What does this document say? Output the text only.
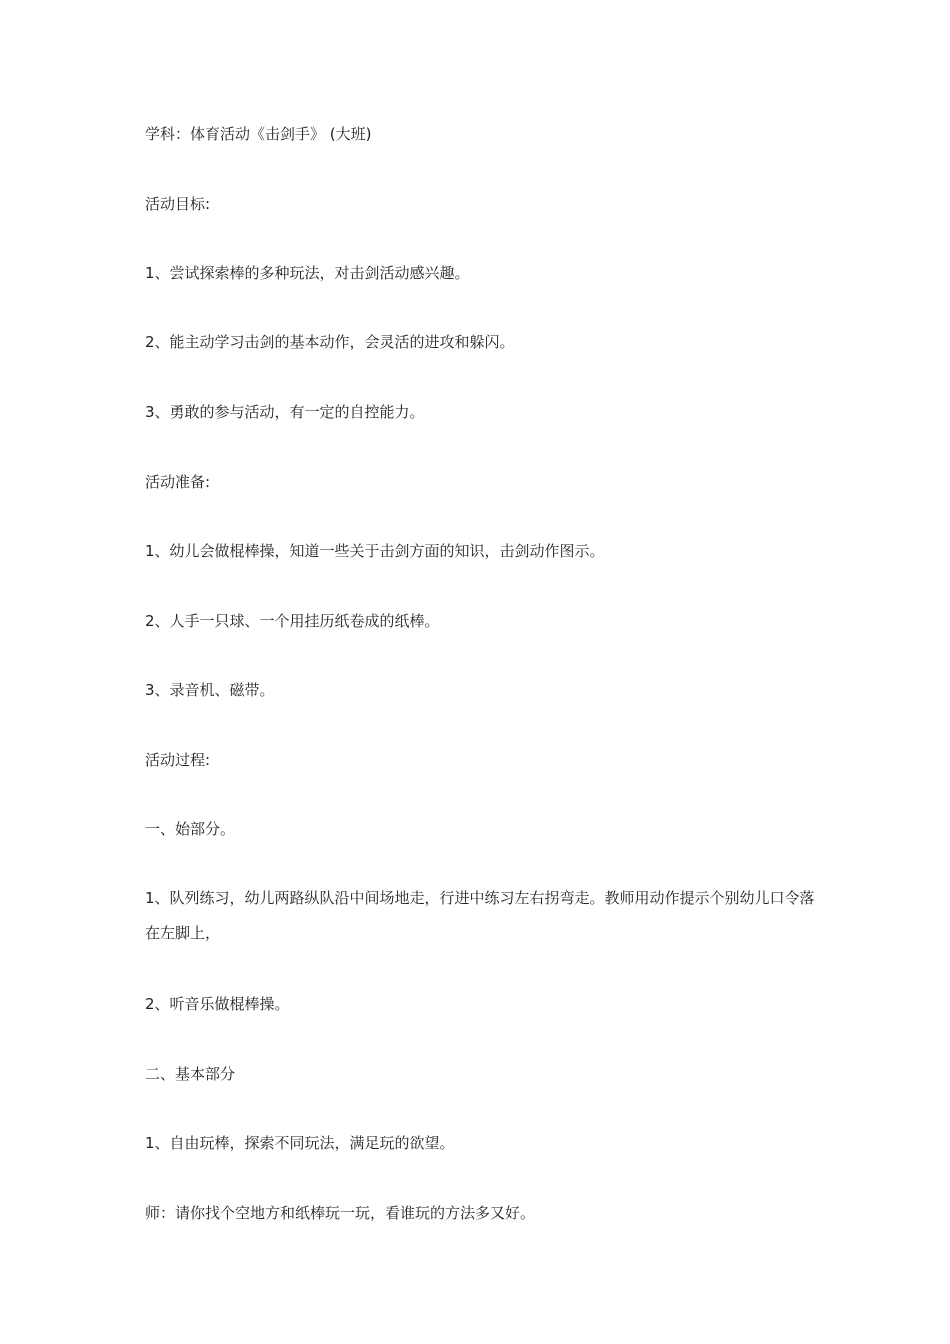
学科：体育活动《击剑手》 (大班)

活动目标:

1、尝试探索棒的多种玩法，对击剑活动感兴趣。

2、能主动学习击剑的基本动作，会灵活的进攻和躲闪。

3、勇敢的参与活动，有一定的自控能力。

活动准备:

1、幼儿会做棍棒操，知道一些关于击剑方面的知识，击剑动作图示。

2、人手一只球、一个用挂历纸卷成的纸棒。

3、录音机、磁带。

活动过程:

一、始部分。

1、队列练习，幼儿两路纵队沿中间场地走，行进中练习左右拐弯走。教师用动作提示个别幼儿口令落在左脚上，

2、听音乐做棍棒操。

二、基本部分

1、自由玩棒，探索不同玩法，满足玩的欲望。

师：请你找个空地方和纸棒玩一玩，看谁玩的方法多又好。
